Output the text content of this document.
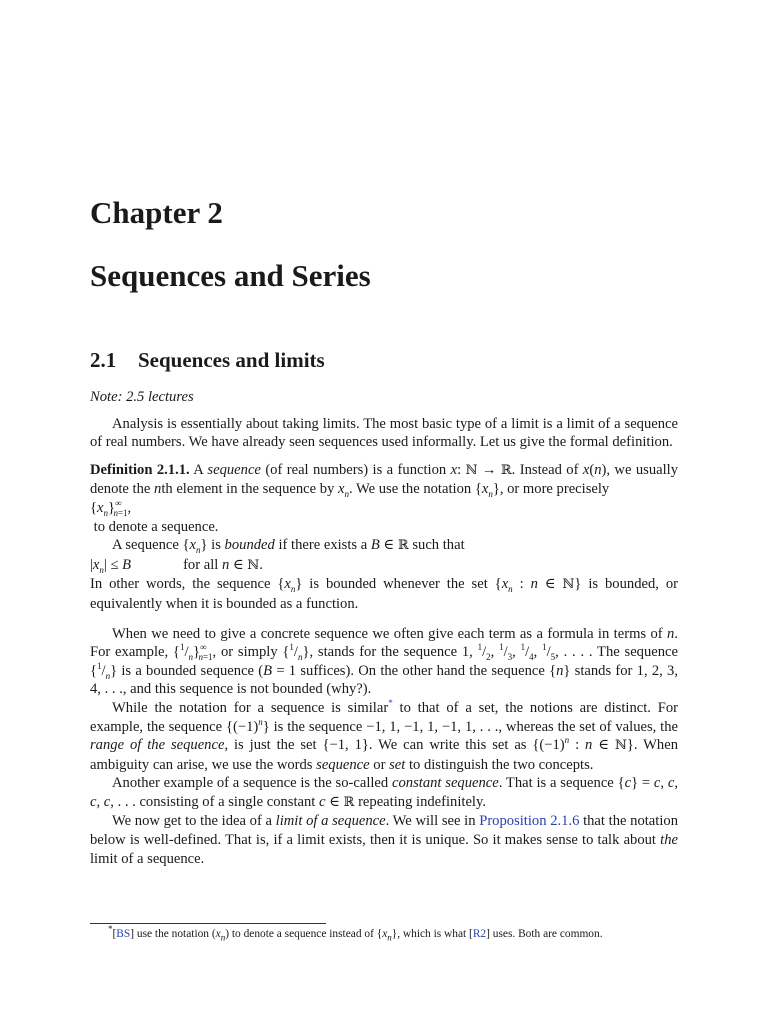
Chapter 2
Sequences and Series
2.1 Sequences and limits

Note: 2.5 lectures

Analysis is essentially about taking limits. The most basic type of a limit is a limit of a sequence of real numbers. We have already seen sequences used informally. Let us give the formal definition.

Definition 2.1.1. A sequence (of real numbers) is a function x: ℕ → ℝ. Instead of x(n), we usually denote the nth element in the sequence by $x_n$. We use the notation $\{x_n\}$, or more precisely

$\{x_n\}^\infty_{n=1}$,

to denote a sequence.

A sequence $\{x_n\}$ is bounded if there exists a B ∈ ℝ such that

$|x_n| \le B$	for all n ∈ ℕ.

In other words, the sequence $\{x_n\}$ is bounded whenever the set {$x_n$ : n ∈ ℕ} is bounded, or equivalently when it is bounded as a function.

When we need to give a concrete sequence we often give each term as a formula in terms of n. For example, $\{^1/_n\}^\infty_{n=1}$, or simply $\{^1/_n\}$, stands for the sequence 1, $^1/_2$, $^1/_3$, $^1/_4$, $^1/_5$, . . . . The sequence $\{^1/_n\}$ is a bounded sequence (B = 1 suffices). On the other hand the sequence {n} stands for 1, 2, 3, 4, . . ., and this sequence is not bounded (why?).

While the notation for a sequence is similar* to that of a set, the notions are distinct. For example, the sequence $\{(-1)^n\}$ is the sequence −1, 1, −1, 1, −1, 1, . . ., whereas the set of values, the range of the sequence, is just the set {−1, 1}. We can write this set as {$(-1)^n$ : n ∈ ℕ}. When ambiguity can arise, we use the words sequence or set to distinguish the two concepts.

Another example of a sequence is the so-called constant sequence. That is a sequence {c} = c, c, c, c, . . . consisting of a single constant c ∈ ℝ repeating indefinitely.

We now get to the idea of a limit of a sequence. We will see in Proposition 2.1.6 that the notation below is well-defined. That is, if a limit exists, then it is unique. So it makes sense to talk about the limit of a sequence.

*[BS] use the notation $(x_n)$ to denote a sequence instead of $\{x_n\}$, which is what [R2] uses. Both are common.
